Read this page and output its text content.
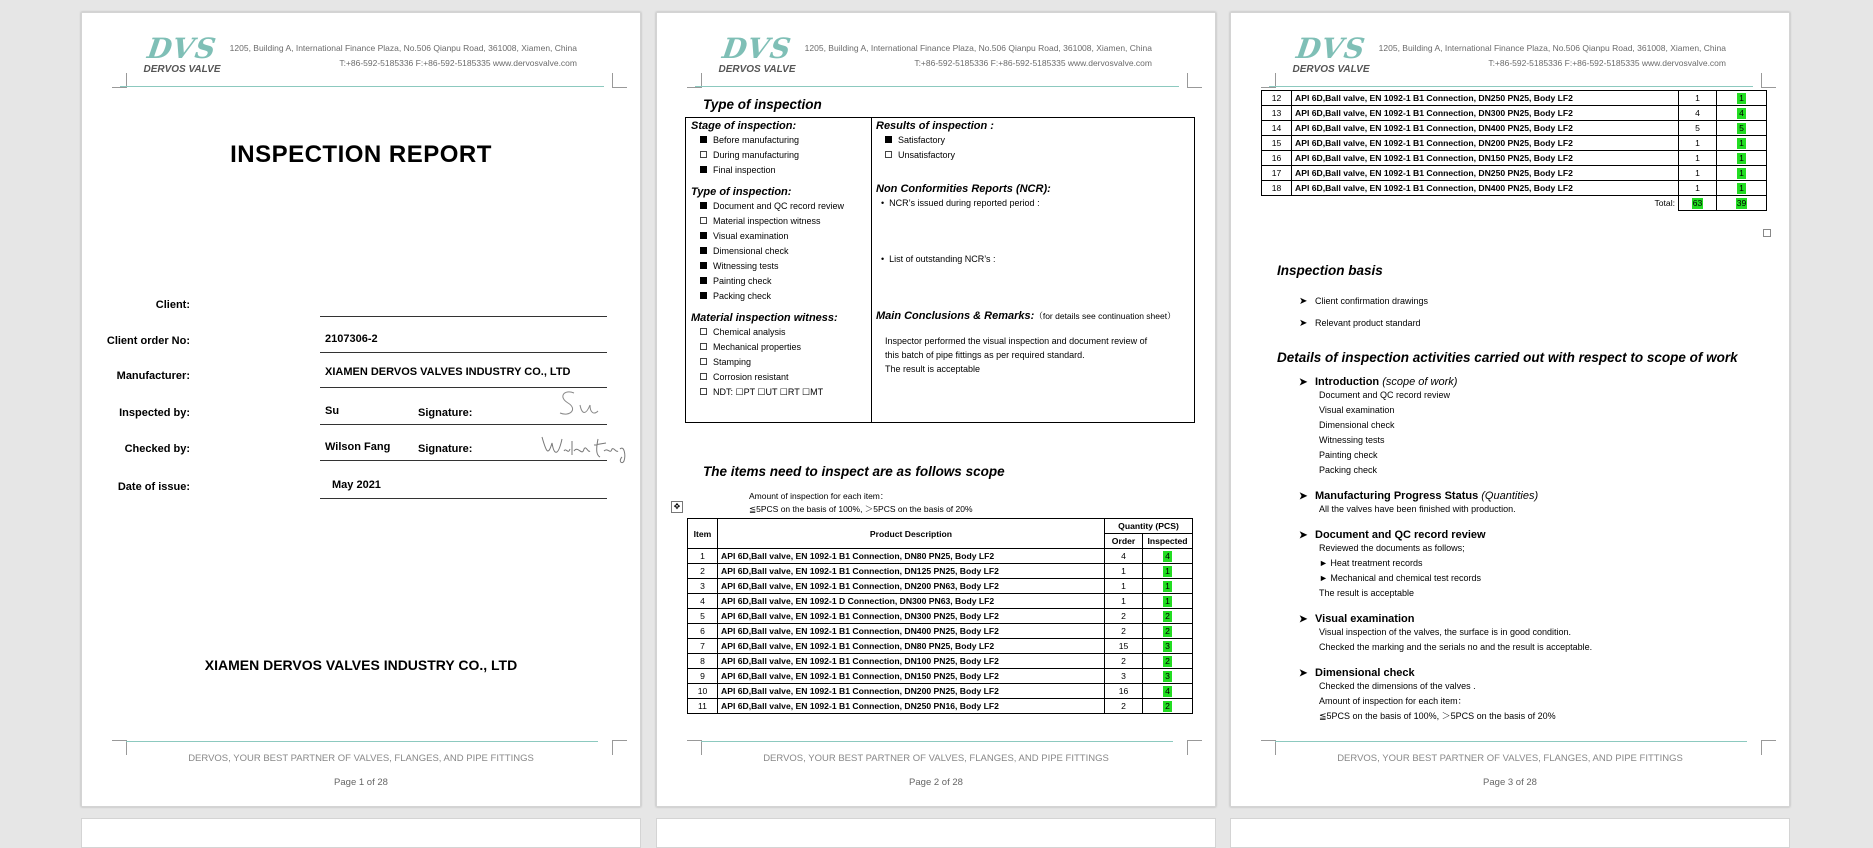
DVS
DERVOS VALVE
1205, Building A, International Finance Plaza, No.506 Qianpu Road, 361008, Xiamen, China
T:+86-592-5185336 F:+86-592-5185335 www.dervosvalve.com
INSPECTION REPORT
Client:
Client order No:	2107306-2
Manufacturer:	XIAMEN DERVOS VALVES INDUSTRY CO., LTD
Inspected by:	Su	Signature:
Checked by:	Wilson Fang	Signature:
Date of issue:	May 2021
XIAMEN DERVOS VALVES INDUSTRY CO., LTD
DERVOS, YOUR BEST PARTNER OF VALVES, FLANGES, AND PIPE FITTINGS
Page 1 of 28
DVS
DERVOS VALVE
1205, Building A, International Finance Plaza, No.506 Qianpu Road, 361008, Xiamen, China
T:+86-592-5185336 F:+86-592-5185335 www.dervosvalve.com
Type of inspection
Stage of inspection:
Before manufacturing
During manufacturing
Final inspection
Type of inspection:
Document and QC record review
Material inspection witness
Visual examination
Dimensional check
Witnessing tests
Painting check
Packing check
Material inspection witness:
Chemical analysis
Mechanical properties
Stamping
Corrosion resistant
NDT: ☐PT ☐UT ☐RT ☐MT
Results of inspection :
Satisfactory
Unsatisfactory
Non Conformities Reports (NCR):
•  NCR’s issued during reported period :
•  List of outstanding NCR’s :
Main Conclusions & Remarks:（for details see continuation sheet）
Inspector performed the visual inspection and document review of
this batch of pipe fittings as per required standard.
The result is acceptable
The items need to inspect are as follows scope
Amount of inspection for each item：
≦5PCS on the basis of 100%, ＞5PCS on the basis of 20%
✥
Item	Product Description	Quantity (PCS)	
		Order	Inspected
1	API 6D,Ball valve, EN 1092-1 B1 Connection, DN80 PN25, Body LF2	4	4
2	API 6D,Ball valve, EN 1092-1 B1 Connection, DN125 PN25, Body LF2	1	1
3	API 6D,Ball valve, EN 1092-1 B1 Connection, DN200 PN63, Body LF2	1	1
4	API 6D,Ball valve, EN 1092-1 D Connection, DN300 PN63, Body LF2	1	1
5	API 6D,Ball valve, EN 1092-1 B1 Connection, DN300 PN25, Body LF2	2	2
6	API 6D,Ball valve, EN 1092-1 B1 Connection, DN400 PN25, Body LF2	2	2
7	API 6D,Ball valve, EN 1092-1 B1 Connection, DN80 PN25, Body LF2	15	3
8	API 6D,Ball valve, EN 1092-1 B1 Connection, DN100 PN25, Body LF2	2	2
9	API 6D,Ball valve, EN 1092-1 B1 Connection, DN150 PN25, Body LF2	3	3
10	API 6D,Ball valve, EN 1092-1 B1 Connection, DN200 PN25, Body LF2	16	4
11	API 6D,Ball valve, EN 1092-1 B1 Connection, DN250 PN16, Body LF2	2	2
DERVOS, YOUR BEST PARTNER OF VALVES, FLANGES, AND PIPE FITTINGS
Page 2 of 28
DVS
DERVOS VALVE
1205, Building A, International Finance Plaza, No.506 Qianpu Road, 361008, Xiamen, China
T:+86-592-5185336 F:+86-592-5185335 www.dervosvalve.com
12	API 6D,Ball valve, EN 1092-1 B1 Connection, DN250 PN25, Body LF2	1	1
13	API 6D,Ball valve, EN 1092-1 B1 Connection, DN300 PN25, Body LF2	4	4
14	API 6D,Ball valve, EN 1092-1 B1 Connection, DN400 PN25, Body LF2	5	5
15	API 6D,Ball valve, EN 1092-1 B1 Connection, DN200 PN25, Body LF2	1	1
16	API 6D,Ball valve, EN 1092-1 B1 Connection, DN150 PN25, Body LF2	1	1
17	API 6D,Ball valve, EN 1092-1 B1 Connection, DN250 PN25, Body LF2	1	1
18	API 6D,Ball valve, EN 1092-1 B1 Connection, DN400 PN25, Body LF2	1	1
Total:		63	39
Inspection basis
➤ Client confirmation drawings
➤ Relevant product standard
Details of inspection activities carried out with respect to scope of work
➤ Introduction (scope of work)
Document and QC record review
Visual examination
Dimensional check
Witnessing tests
Painting check
Packing check
➤ Manufacturing Progress Status (Quantities)
All the valves have been finished with production.
➤ Document and QC record review
Reviewed the documents as follows;
► Heat treatment records
► Mechanical and chemical test records
The result is acceptable
➤ Visual examination
Visual inspection of the valves, the surface is in good condition.
Checked the marking and the serials no and the result is acceptable.
➤ Dimensional check
Checked the dimensions of the valves .
Amount of inspection for each item：
≦5PCS on the basis of 100%, ＞5PCS on the basis of 20%
DERVOS, YOUR BEST PARTNER OF VALVES, FLANGES, AND PIPE FITTINGS
Page 3 of 28
